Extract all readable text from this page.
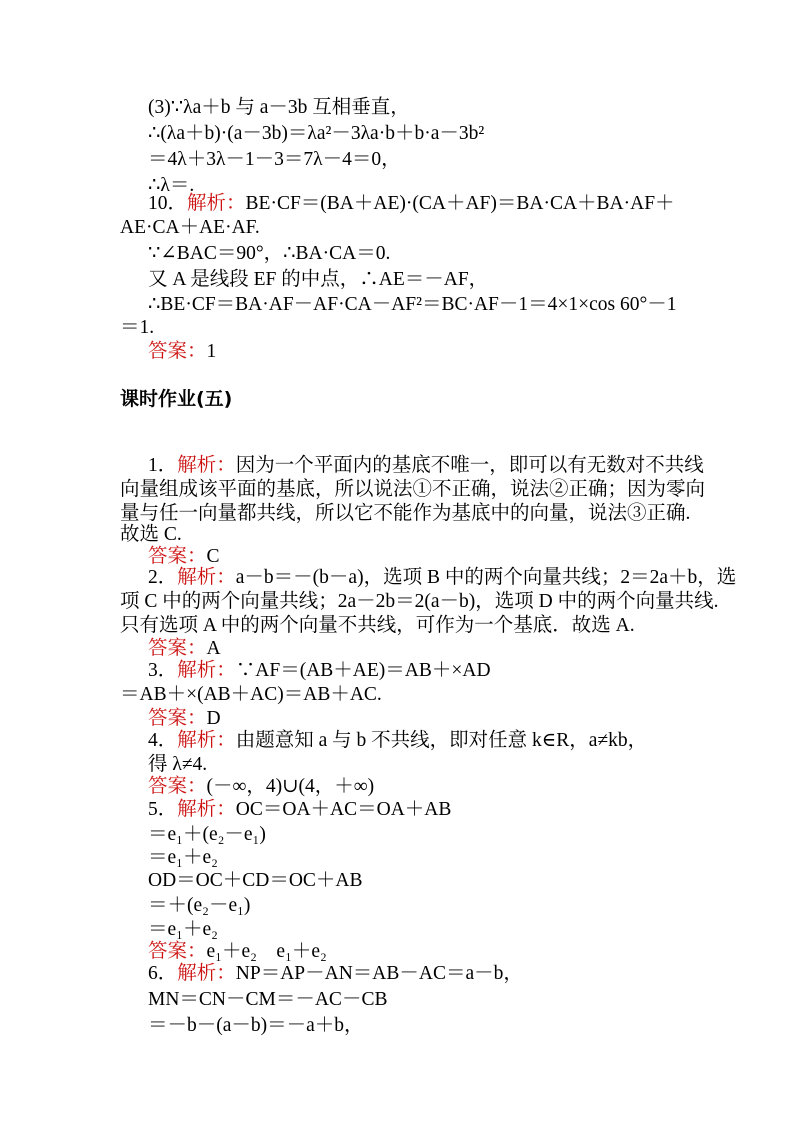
(3)∵λa＋b 与 a－3b 互相垂直，
∴(λa＋b)·(a－3b)＝λa²－3λa·b＋b·a－3b²
＝4λ＋3λ－1－3＝7λ－4＝0，
∴λ＝.
10．解析：BE·CF＝(BA＋AE)·(CA＋AF)＝BA·CA＋BA·AF＋
AE·CA＋AE·AF.
∵∠BAC＝90°，∴BA·CA＝0.
又 A 是线段 EF 的中点，∴AE＝－AF，
∴BE·CF＝BA·AF－AF·CA－AF²＝BC·AF－1＝4×1×cos 60°－1
＝1.
答案：1
课时作业(五)
1．解析：因为一个平面内的基底不唯一，即可以有无数对不共线
向量组成该平面的基底，所以说法①不正确，说法②正确；因为零向
量与任一向量都共线，所以它不能作为基底中的向量，说法③正确.
故选 C.
答案：C
2．解析：a－b＝－(b－a)，选项 B 中的两个向量共线；2＝2a＋b，选
项 C 中的两个向量共线；2a－2b＝2(a－b)，选项 D 中的两个向量共线.
只有选项 A 中的两个向量不共线，可作为一个基底．故选 A.
答案：A
3．解析：∵AF＝(AB＋AE)＝AB＋×AD
＝AB＋×(AB＋AC)＝AB＋AC.
答案：D
4．解析：由题意知 a 与 b 不共线，即对任意 k∈R，a≠kb，
得 λ≠4.
答案：(－∞，4)∪(4，＋∞)
5．解析：OC＝OA＋AC＝OA＋AB
＝e₁＋(e₂－e₁)
＝e₁＋e₂
OD＝OC＋CD＝OC＋AB
＝＋(e₂－e₁)
＝e₁＋e₂
答案：e₁＋e₂　e₁＋e₂
6．解析：NP＝AP－AN＝AB－AC＝a－b，
MN＝CN－CM＝－AC－CB
＝－b－(a－b)＝－a＋b，
